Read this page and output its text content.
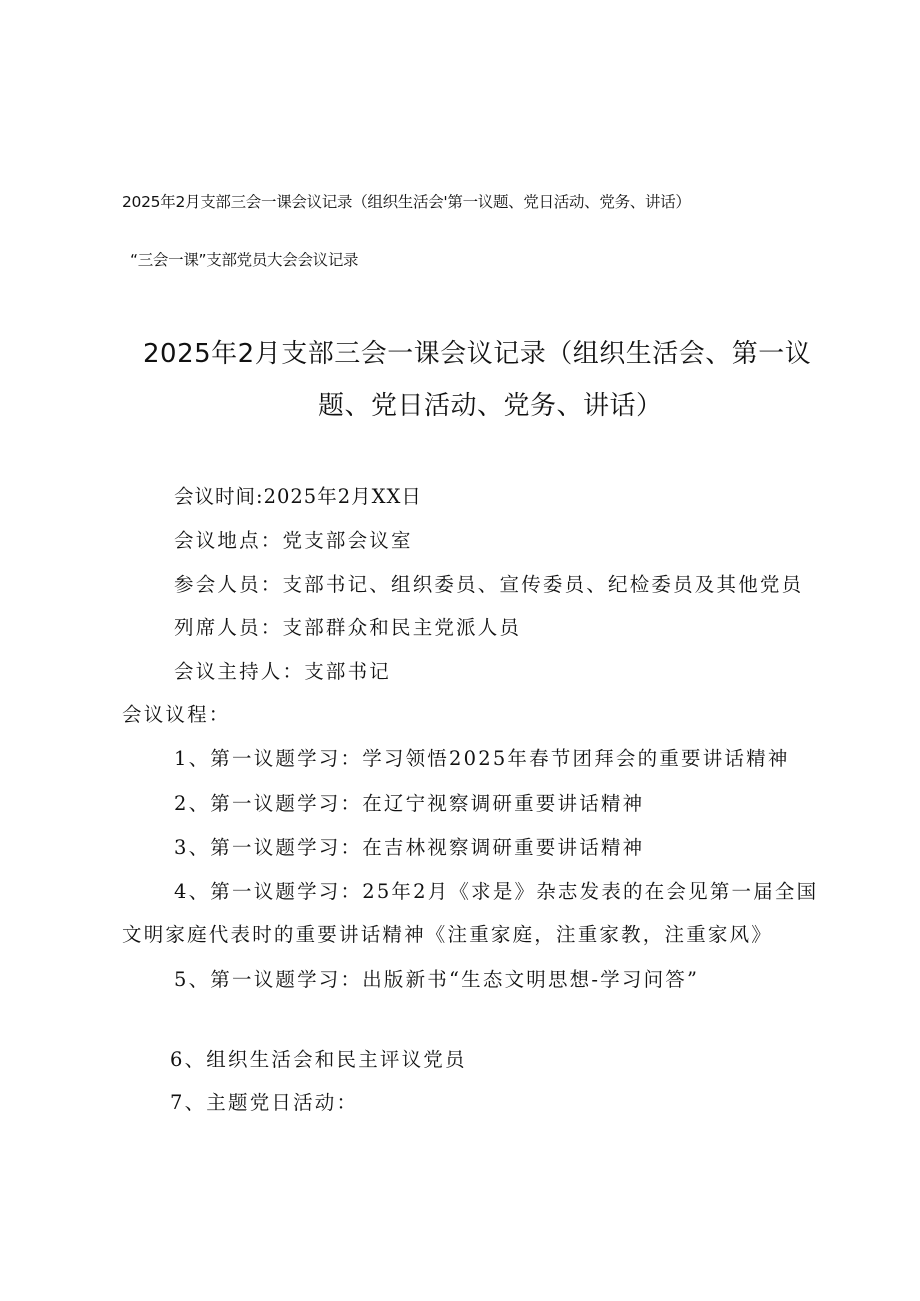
2025年2月支部三会一课会议记录（组织生活会'第一议题、党日活动、党务、讲话）

“三会一课”支部党员大会会议记录

2025年2月支部三会一课会议记录（组织生活会、第一议
题、党日活动、党务、讲话）

会议时间:2025年2月XX日

会议地点：党支部会议室

参会人员：支部书记、组织委员、宣传委员、纪检委员及其他党员

列席人员：支部群众和民主党派人员

会议主持人：支部书记

会议议程：

1、第一议题学习：学习领悟2025年春节团拜会的重要讲话精神

2、第一议题学习：在辽宁视察调研重要讲话精神

3、第一议题学习：在吉林视察调研重要讲话精神

4、第一议题学习：25年2月《求是》杂志发表的在会见第一届全国

文明家庭代表时的重要讲话精神《注重家庭，注重家教，注重家风》

5、第一议题学习：出版新书“生态文明思想-学习问答”

6、组织生活会和民主评议党员

7、主题党日活动：
